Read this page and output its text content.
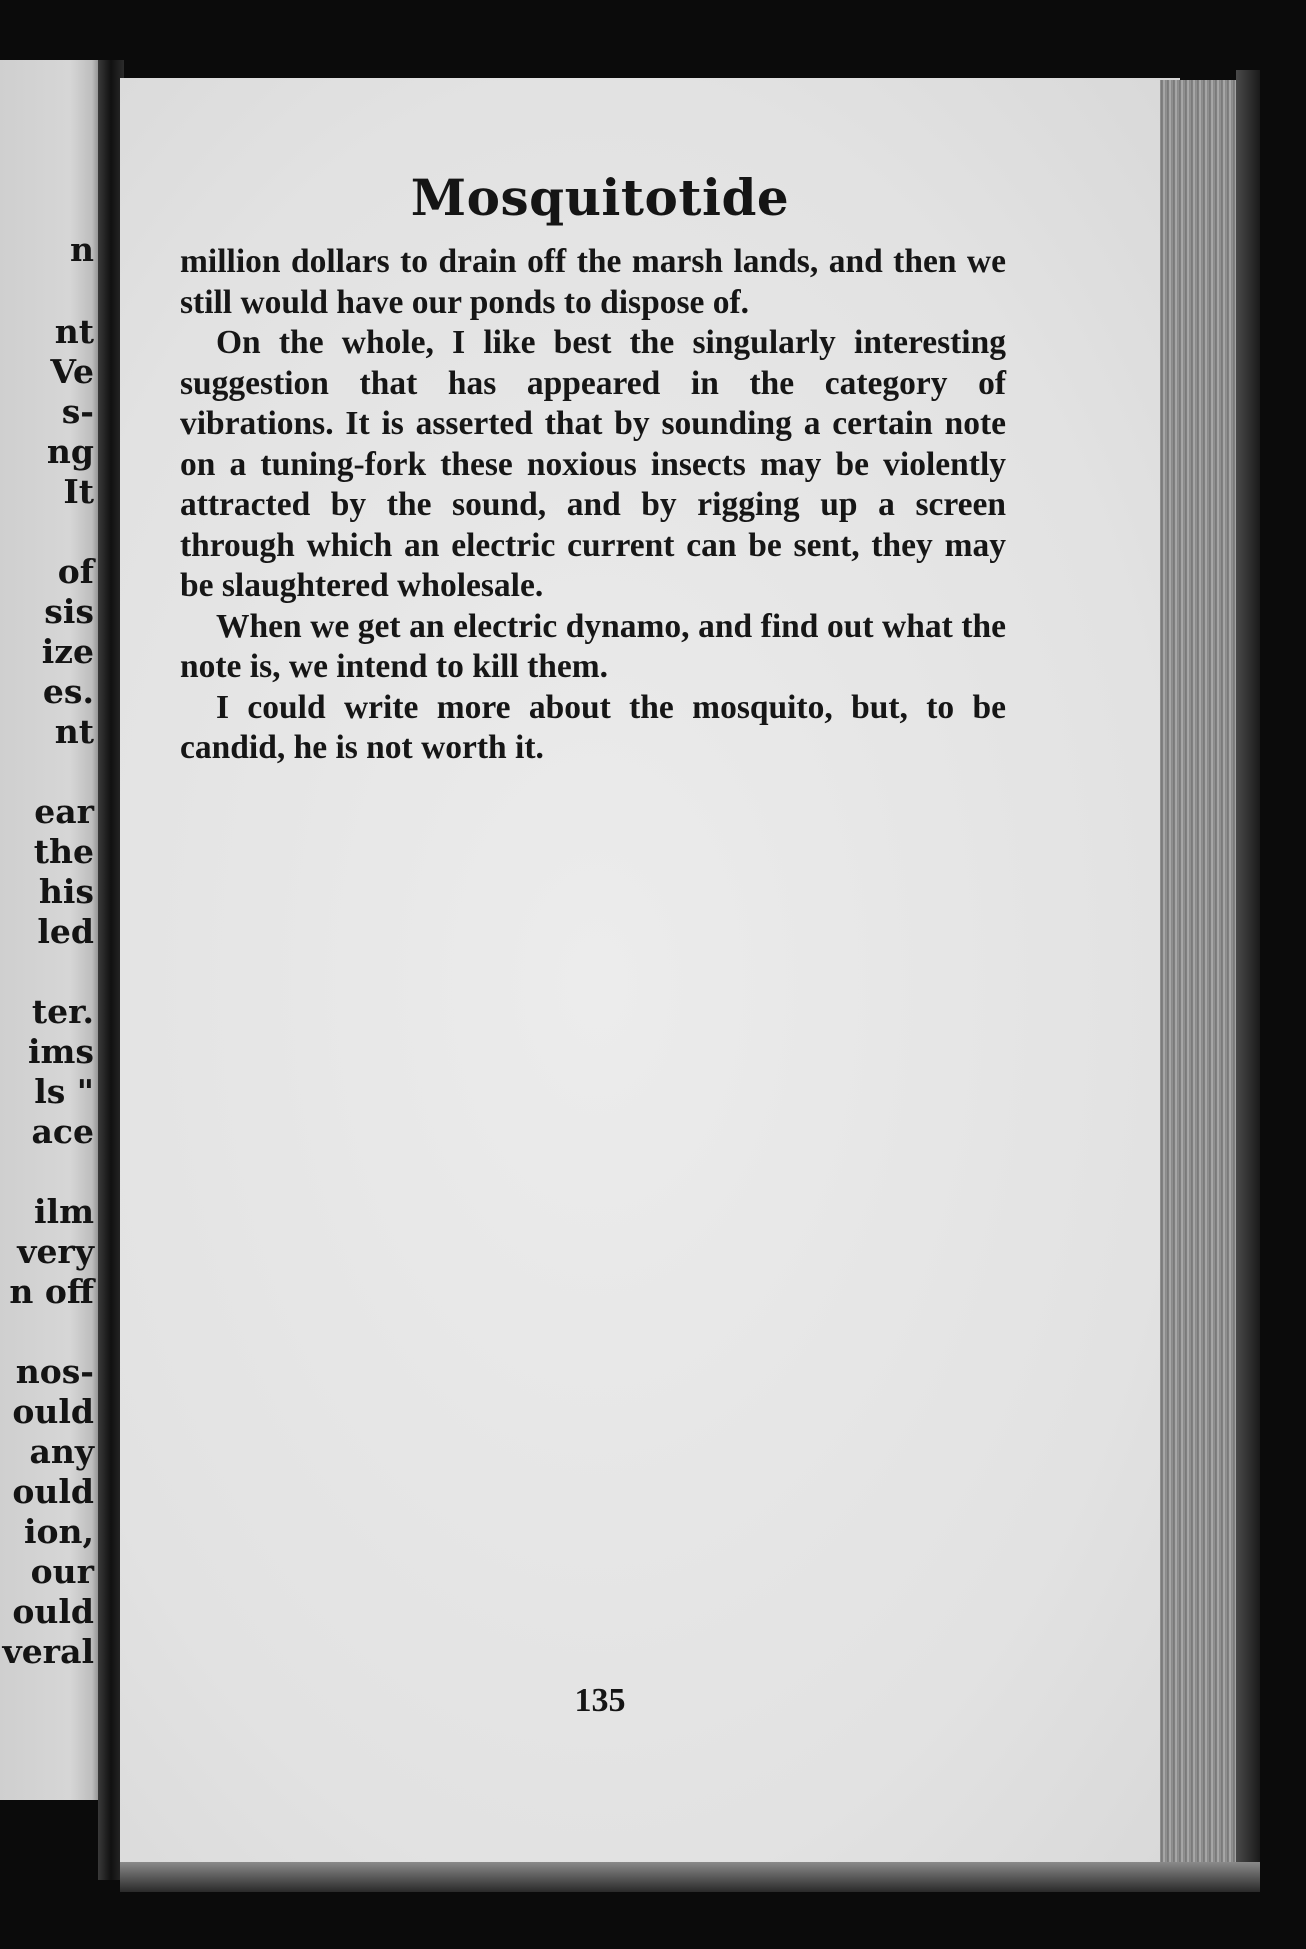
n
nt
Ve
s-
ng
It
of
sis
ize
es.
nt
ear
the
his
led
ter.
ims
ls "
ace
ilm
very
n off
nos-
ould
any
ould
ion,
our
ould
veral
Mosquitotide

million dollars to drain off the marsh lands, and then we still would have our ponds to dispose of.

On the whole, I like best the singularly interesting suggestion that has appeared in the category of vibrations. It is asserted that by sounding a certain note on a tuning-fork these noxious insects may be violently attracted by the sound, and by rigging up a screen through which an electric current can be sent, they may be slaughtered wholesale.

When we get an electric dynamo, and find out what the note is, we intend to kill them.

I could write more about the mosquito, but, to be candid, he is not worth it.

135
